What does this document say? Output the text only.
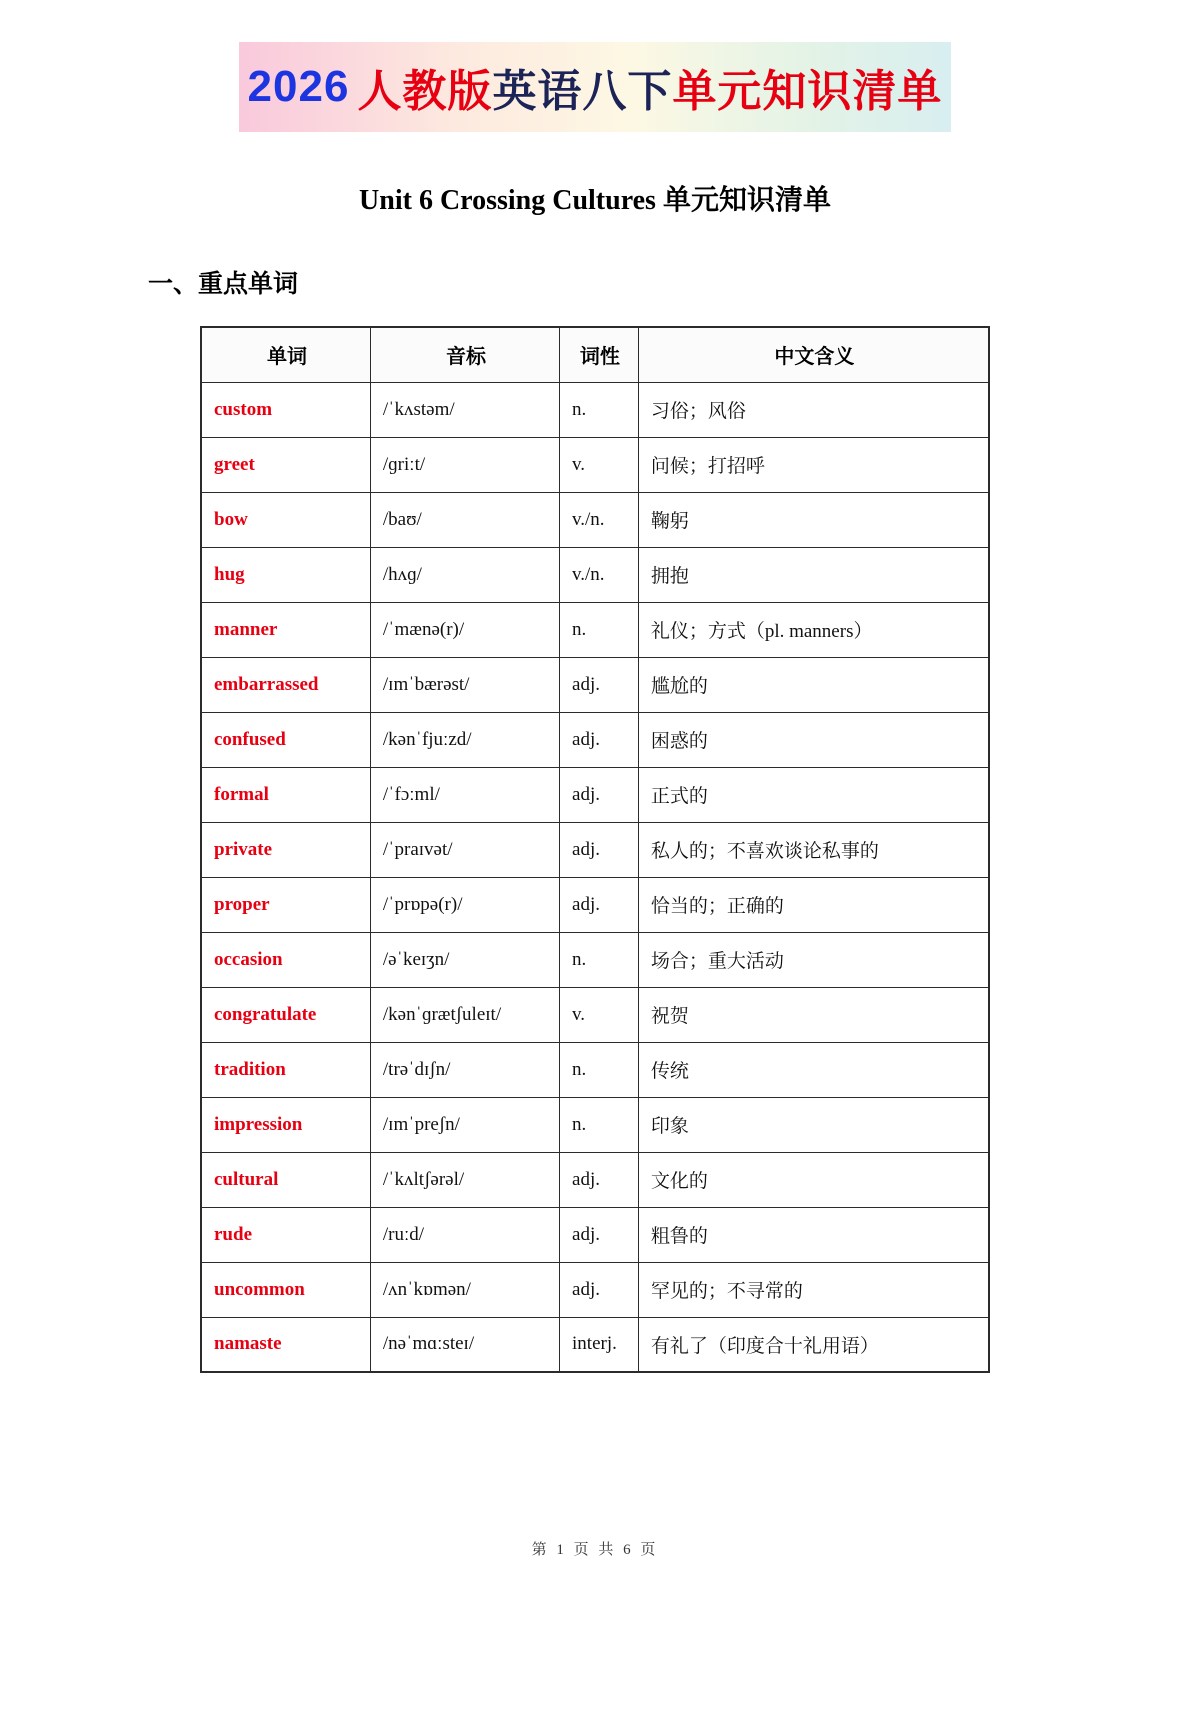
2026 人教版 英语八下 单元知识清单
Unit 6 Crossing Cultures 单元知识清单
一、重点单词
单词	音标	词性	中文含义
custom	/ˈkʌstəm/	n.	习俗；风俗
greet	/ɡriːt/	v.	问候；打招呼
bow	/baʊ/	v./n.	鞠躬
hug	/hʌɡ/	v./n.	拥抱
manner	/ˈmænə(r)/	n.	礼仪；方式（pl. manners）
embarrassed	/ɪmˈbærəst/	adj.	尴尬的
confused	/kənˈfjuːzd/	adj.	困惑的
formal	/ˈfɔːml/	adj.	正式的
private	/ˈpraɪvət/	adj.	私人的；不喜欢谈论私事的
proper	/ˈprɒpə(r)/	adj.	恰当的；正确的
occasion	/əˈkeɪʒn/	n.	场合；重大活动
congratulate	/kənˈɡrætʃuleɪt/	v.	祝贺
tradition	/trəˈdɪʃn/	n.	传统
impression	/ɪmˈpreʃn/	n.	印象
cultural	/ˈkʌltʃərəl/	adj.	文化的
rude	/ruːd/	adj.	粗鲁的
uncommon	/ʌnˈkɒmən/	adj.	罕见的；不寻常的
namaste	/nəˈmɑːsteɪ/	interj.	有礼了（印度合十礼用语）
第 1 页 共 6 页
